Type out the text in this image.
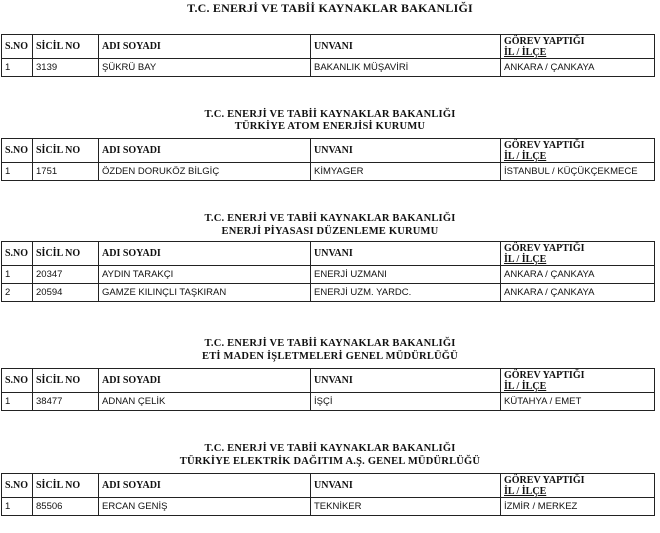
T.C. ENERJİ VE TABİİ KAYNAKLAR BAKANLIĞI
S.NO	SİCİL NO	ADI SOYADI	UNVANI	GÖREV YAPTIĞI
İL / İLÇE

1	3139	ŞÜKRÜ BAY	BAKANLIK MÜŞAVİRİ	ANKARA / ÇANKAYA
T.C. ENERJİ VE TABİİ KAYNAKLAR BAKANLIĞI
TÜRKİYE ATOM ENERJİSİ KURUMU
S.NO	SİCİL NO	ADI SOYADI	UNVANI	GÖREV YAPTIĞI
İL / İLÇE

1	1751	ÖZDEN DORUKÖZ BİLGİÇ	KİMYAGER	İSTANBUL / KÜÇÜKÇEKMECE
T.C. ENERJİ VE TABİİ KAYNAKLAR BAKANLIĞI
ENERJİ PİYASASI DÜZENLEME KURUMU
S.NO	SİCİL NO	ADI SOYADI	UNVANI	GÖREV YAPTIĞI
İL / İLÇE

1	20347	AYDIN TARAKÇI	ENERJİ UZMANI	ANKARA / ÇANKAYA
2	20594	GAMZE KILINÇLI TAŞKIRAN	ENERJİ UZM. YARDC.	ANKARA / ÇANKAYA
T.C. ENERJİ VE TABİİ KAYNAKLAR BAKANLIĞI
ETİ MADEN İŞLETMELERİ GENEL MÜDÜRLÜĞÜ
S.NO	SİCİL NO	ADI SOYADI	UNVANI	GÖREV YAPTIĞI
İL / İLÇE

1	38477	ADNAN ÇELİK	İŞÇİ	KÜTAHYA / EMET
T.C. ENERJİ VE TABİİ KAYNAKLAR BAKANLIĞI
TÜRKİYE ELEKTRİK DAĞITIM A.Ş. GENEL MÜDÜRLÜĞÜ
S.NO	SİCİL NO	ADI SOYADI	UNVANI	GÖREV YAPTIĞI
İL / İLÇE

1	85506	ERCAN GENİŞ	TEKNİKER	İZMİR / MERKEZ
